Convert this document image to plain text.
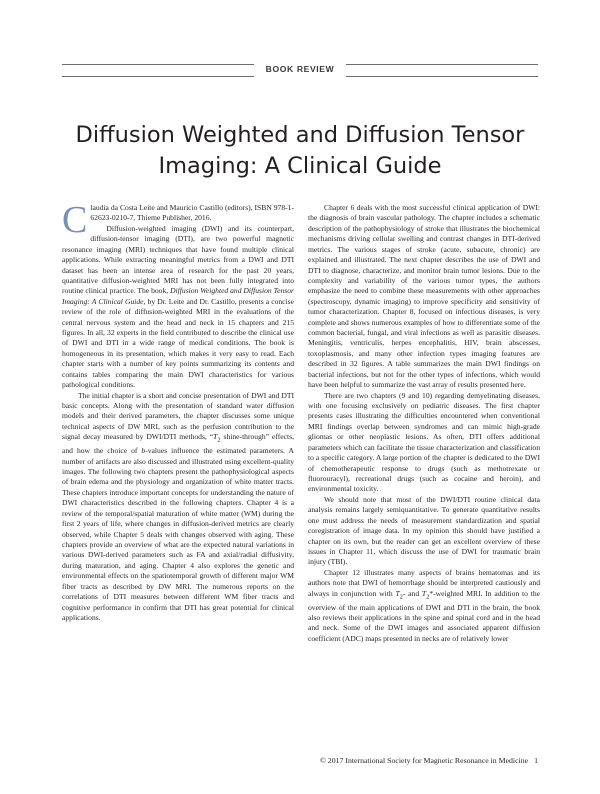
BOOK REVIEW
Diffusion Weighted and Diffusion Tensor Imaging: A Clinical Guide

Claudia da Costa Leite and Mauricio Castillo (editors), ISBN 978-1-62623-0210-7, Thieme Publisher, 2016.

Diffusion-weighted imaging (DWI) and its counterpart, diffusion-tensor imaging (DTI), are two powerful magnetic resonance imaging (MRI) techniques that have found multiple clinical applications. While extracting meaningful metrics from a DWI and DTI dataset has been an intense area of research for the past 20 years, quantitative diffusion-weighted MRI has not been fully integrated into routine clinical practice. The book, Diffusion Weighted and Diffusion Tensor Imaging: A Clinical Guide, by Dr. Leite and Dr. Castillo, presents a concise review of the role of diffusion-weighted MRI in the evaluations of the central nervous system and the head and neck in 15 chapters and 215 figures. In all, 32 experts in the field contributed to describe the clinical use of DWI and DTI in a wide range of medical conditions. The book is homogeneous in its presentation, which makes it very easy to read. Each chapter starts with a number of key points summarizing its contents and contains tables comparing the main DWI characteristics for various pathological conditions.

The initial chapter is a short and concise presentation of DWI and DTI basic concepts. Along with the presentation of standard water diffusion models and their derived parameters, the chapter discusses some unique technical aspects of DW MRI, such as the perfusion contribution to the signal decay measured by DWI/DTI methods, “$T_2$ shine-through” effects, and how the choice of b-values influence the estimated parameters. A number of artifacts are also discussed and illustrated using excellent-quality images. The following two chapters present the pathophysiological aspects of brain edema and the physiology and organization of white matter tracts. These chapters introduce important concepts for understanding the nature of DWI characteristics described in the following chapters. Chapter 4 is a review of the temporal/spatial maturation of white matter (WM) during the first 2 years of life, where changes in diffusion-derived metrics are clearly observed, while Chapter 5 deals with changes observed with aging. These chapters provide an overview of what are the expected natural variations in various DWI-derived parameters such as FA and axial/radial diffusivity, during maturation, and aging. Chapter 4 also explores the genetic and environmental effects on the spatiotemporal growth of different major WM fiber tracts as described by DW MRI. The numerous reports on the correlations of DTI measures between different WM fiber tracts and cognitive performance in confirm that DTI has great potential for clinical applications.

Chapter 6 deals with the most successful clinical application of DWI: the diagnosis of brain vascular pathology. The chapter includes a schematic description of the pathophysiology of stroke that illustrates the biochemical mechanisms driving cellular swelling and contrast changes in DTI-derived metrics. The various stages of stroke (acute, subacute, chronic) are explained and illustrated. The next chapter describes the use of DWI and DTI to diagnose, characterize, and monitor brain tumor lesions. Due to the complexity and variability of the various tumor types, the authors emphasize the need to combine these measurements with other approaches (spectroscopy, dynamic imaging) to improve specificity and sensitivity of tumor characterization. Chapter 8, focused on infectious diseases, is very complete and shows numerous examples of how to differentiate some of the common bacterial, fungal, and viral infections as well as parasitic diseases. Meningitis, ventriculis, herpes encephalitis, HIV, brain abscesses, toxoplasmosis, and many other infection types imaging features are described in 32 figures. A table summarizes the main DWI findings on bacterial infections, but not for the other types of infections, which would have been helpful to summarize the vast array of results presented here.

There are two chapters (9 and 10) regarding demyelinating diseases, with one focusing exclusively on pediatric diseases. The first chapter presents cases illustrating the difficulties encountered when conventional MRI findings overlap between syndromes and can mimic high-grade gliomas or other neoplastic lesions. As often, DTI offers additional parameters which can facilitate the tissue characterization and classification to a specific category. A large portion of the chapter is dedicated to the DWI of chemotherapeutic response to drugs (such as methotrexate or fluorouracyl), recreational drugs (such as cocaine and heroin), and environmental toxicity.

We should note that most of the DWI/DTI routine clinical data analysis remains largely semiquantitative. To generate quantitative results one must address the needs of measurement standardization and spatial coregistration of image data. In my opinion this should have justified a chapter on its own, but the reader can get an excellent overview of these issues in Chapter 11, which discuss the use of DWI for traumatic brain injury (TBI).

Chapter 12 illustrates many aspects of brains hematomas and its authors note that DWI of hemorrhage should be interpreted cautiously and always in conjunction with $T_2-$ and $T_2*$-weighted MRI. In addition to the overview of the main applications of DWI and DTI in the brain, the book also reviews their applications in the spine and spinal cord and in the head and neck. Some of the DWI images and associated apparent diffusion coefficient (ADC) maps presented in necks are of relatively lower

© 2017 International Society for Magnetic Resonance in Medicine 1
